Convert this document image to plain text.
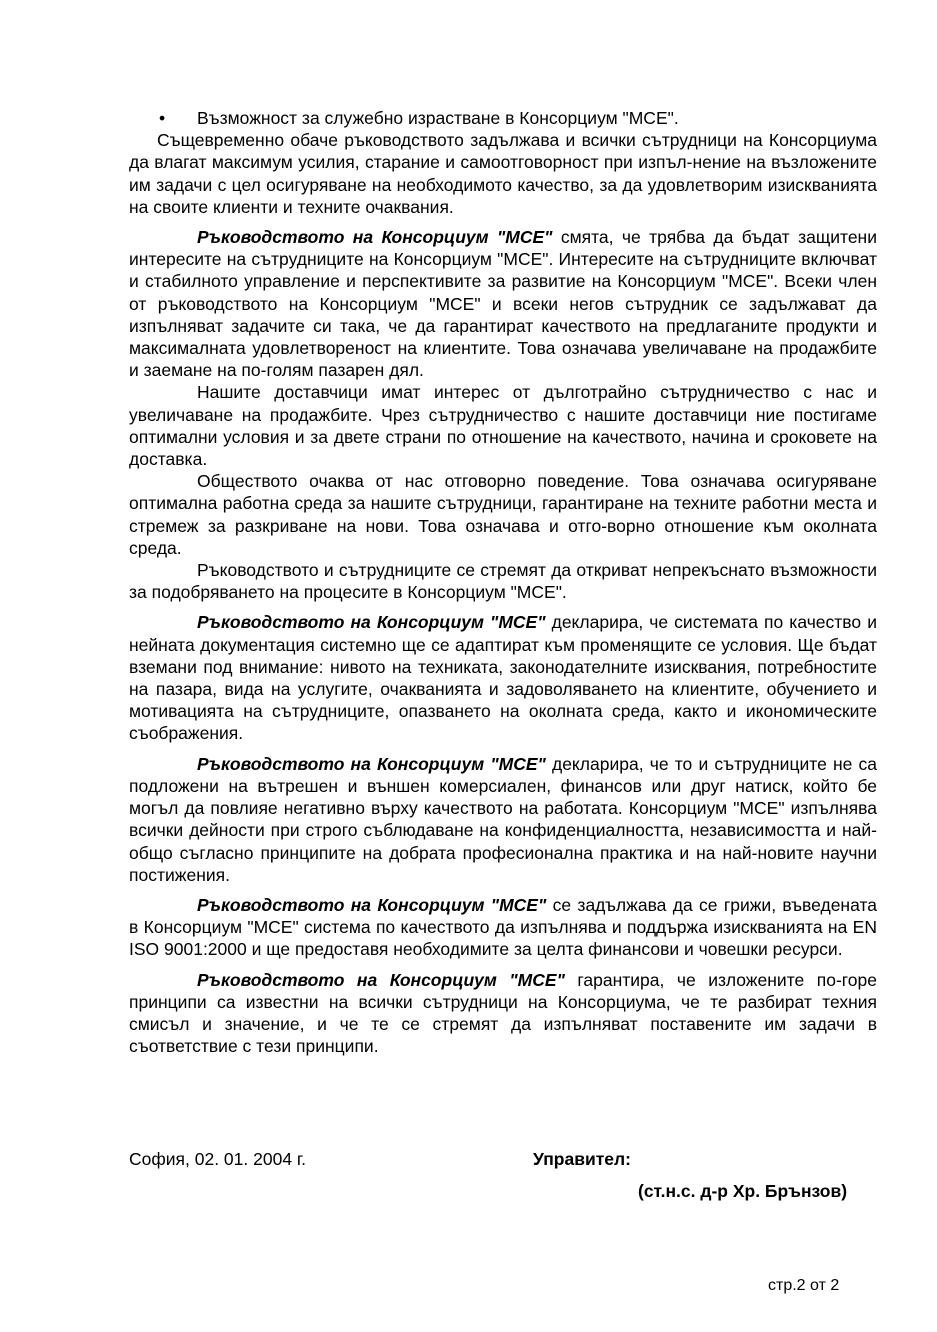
• Възможност за служебно израстване в Консорциум "МСЕ".

Същевременно обаче ръководството задължава и всички сътрудници на Консорциума да влагат максимум усилия, старание и самоотговорност при изпъл-нение на възложените им задачи с цел осигуряване на необходимото качество, за да удовлетворим изискванията на своите клиенти и техните очаквания.

Ръководството на Консорциум "МСЕ" смята, че трябва да бъдат защитени интересите на сътрудниците на Консорциум "МСЕ". Интересите на сътрудниците включват и стабилното управление и перспективите за развитие на Консорциум "МСЕ". Всеки член от ръководството на Консорциум "МСЕ" и всеки негов сътрудник се задължават да изпълняват задачите си така, че да гарантират качеството на предлаганите продукти и максималната удовлетвореност на клиентите. Това означава увеличаване на продажбите и заемане на по-голям пазарен дял.

Нашите доставчици имат интерес от дълготрайно сътрудничество с нас и увеличаване на продажбите. Чрез сътрудничество с нашите доставчици ние постигаме оптимални условия и за двете страни по отношение на качеството, начина и сроковете на доставка.

Обществото очаква от нас отговорно поведение. Това означава осигуряване оптимална работна среда за нашите сътрудници, гарантиране на техните работни места и стремеж за разкриване на нови. Това означава и отго-ворно отношение към околната среда.

Ръководството и сътрудниците се стремят да откриват непрекъснато възможности за подобряването на процесите в Консорциум "МСЕ".

Ръководството на Консорциум "МСЕ" декларира, че системата по качество и нейната документация системно ще се адаптират към променящите се условия. Ще бъдат вземани под внимание: нивото на техниката, законодателните изисквания, потребностите на пазара, вида на услугите, очакванията и задоволяването на клиентите, обучението и мотивацията на сътрудниците, опазването на околната среда, както и икономическите съображения.

Ръководството на Консорциум "МСЕ" декларира, че то и сътрудниците не са подложени на вътрешен и външен комерсиален, финансов или друг натиск, който бе могъл да повлияе негативно върху качеството на работата. Консорциум "МСЕ" изпълнява всички дейности при строго съблюдаване на конфиденциалността, независимостта и най-общо съгласно принципите на добрата професионална практика и на най-новите научни постижения.

Ръководството на Консорциум "МСЕ" се задължава да се грижи, въведената в Консорциум "МСЕ" система по качеството да изпълнява и поддържа изискванията на EN ISO 9001:2000 и ще предоставя необходимите за целта финансови и човешки ресурси.

Ръководството на Консорциум "МСЕ" гарантира, че изложените по-горе принципи са известни на всички сътрудници на Консорциума, че те разбират техния смисъл и значение, и че те се стремят да изпълняват поставените им задачи в съответствие с тези принципи.

София, 02. 01. 2004 г.	Управител:
(ст.н.с. д-р Хр. Брънзов)
стр.2 от 2
